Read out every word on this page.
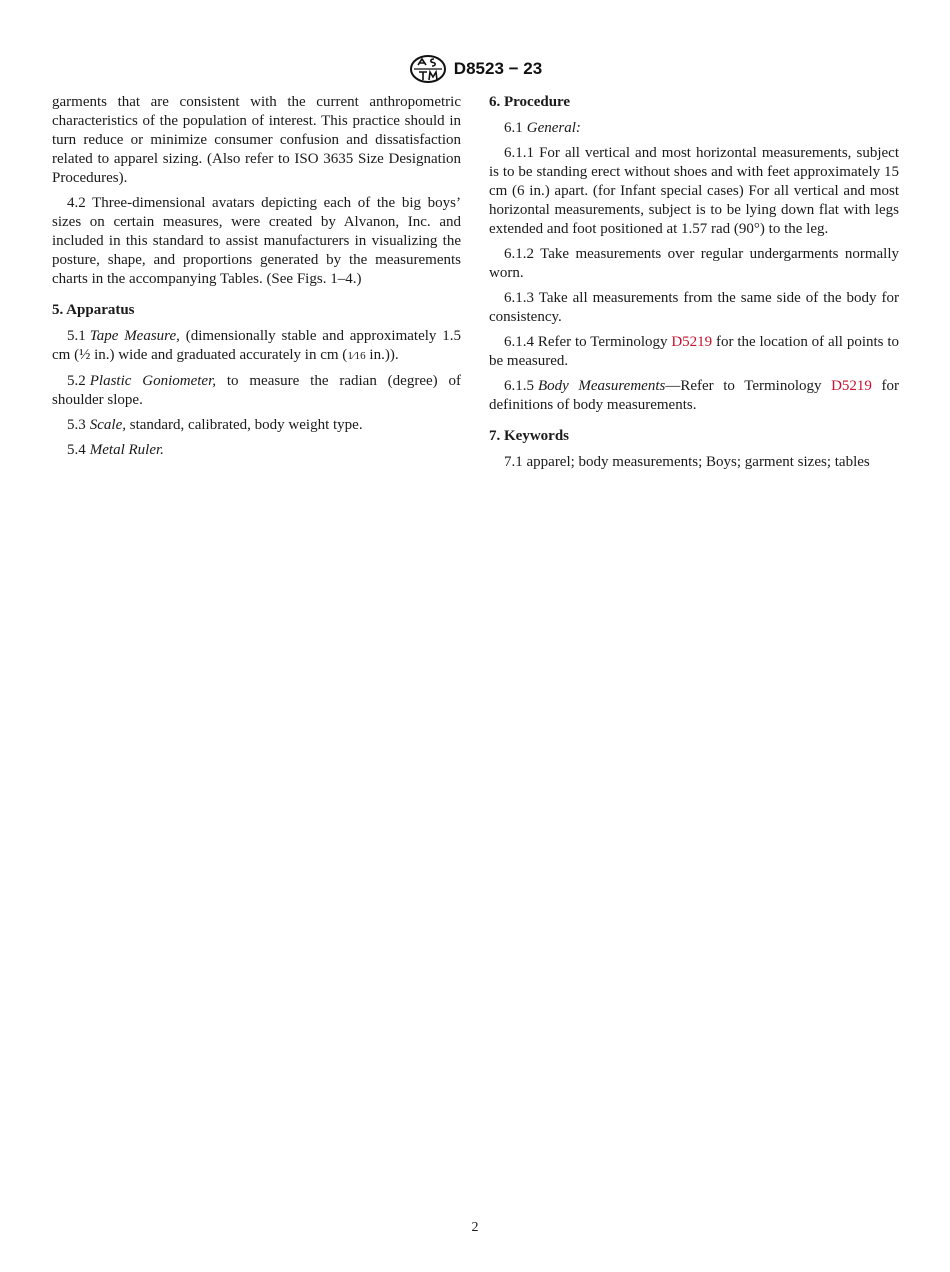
D8523 − 23

garments that are consistent with the current anthropometric characteristics of the population of interest. This practice should in turn reduce or minimize consumer confusion and dissatisfaction related to apparel sizing. (Also refer to ISO 3635 Size Designation Procedures).

4.2 Three-dimensional avatars depicting each of the big boys’ sizes on certain measures, were created by Alvanon, Inc. and included in this standard to assist manufacturers in visualizing the posture, shape, and proportions generated by the measurements charts in the accompanying Tables. (See Figs. 1–4.)

5. Apparatus

5.1 Tape Measure, (dimensionally stable and approximately 1.5 cm (½ in.) wide and graduated accurately in cm (1⁄16 in.)).

5.2 Plastic Goniometer, to measure the radian (degree) of shoulder slope.

5.3 Scale, standard, calibrated, body weight type.

5.4 Metal Ruler.

6. Procedure

6.1 General:

6.1.1 For all vertical and most horizontal measurements, subject is to be standing erect without shoes and with feet approximately 15 cm (6 in.) apart. (for Infant special cases) For all vertical and most horizontal measurements, subject is to be lying down flat with legs extended and foot positioned at 1.57 rad (90°) to the leg.

6.1.2 Take measurements over regular undergarments normally worn.

6.1.3 Take all measurements from the same side of the body for consistency.

6.1.4 Refer to Terminology D5219 for the location of all points to be measured.

6.1.5 Body Measurements—Refer to Terminology D5219 for definitions of body measurements.

7. Keywords

7.1 apparel; body measurements; Boys; garment sizes; tables

2
